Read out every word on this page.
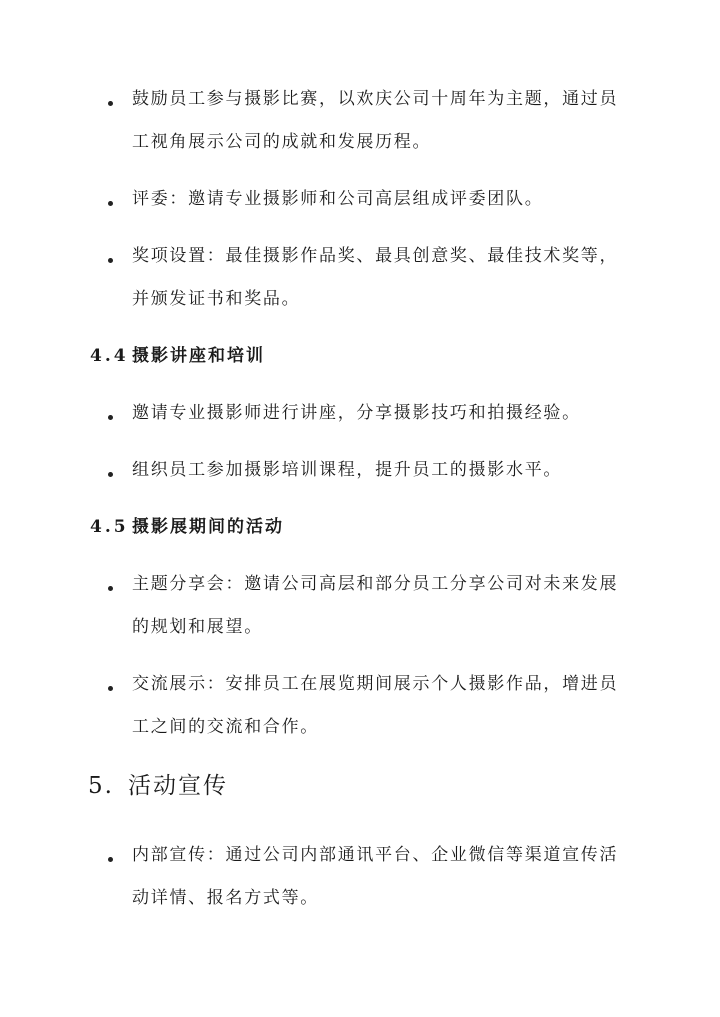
鼓励员工参与摄影比赛，以欢庆公司十周年为主题，通过员
工视角展示公司的成就和发展历程。
评委：邀请专业摄影师和公司高层组成评委团队。
奖项设置：最佳摄影作品奖、最具创意奖、最佳技术奖等，
并颁发证书和奖品。
4.4 摄影讲座和培训
邀请专业摄影师进行讲座，分享摄影技巧和拍摄经验。
组织员工参加摄影培训课程，提升员工的摄影水平。
4.5 摄影展期间的活动
主题分享会：邀请公司高层和部分员工分享公司对未来发展
的规划和展望。
交流展示：安排员工在展览期间展示个人摄影作品，增进员
工之间的交流和合作。
5. 活动宣传
内部宣传：通过公司内部通讯平台、企业微信等渠道宣传活
动详情、报名方式等。
